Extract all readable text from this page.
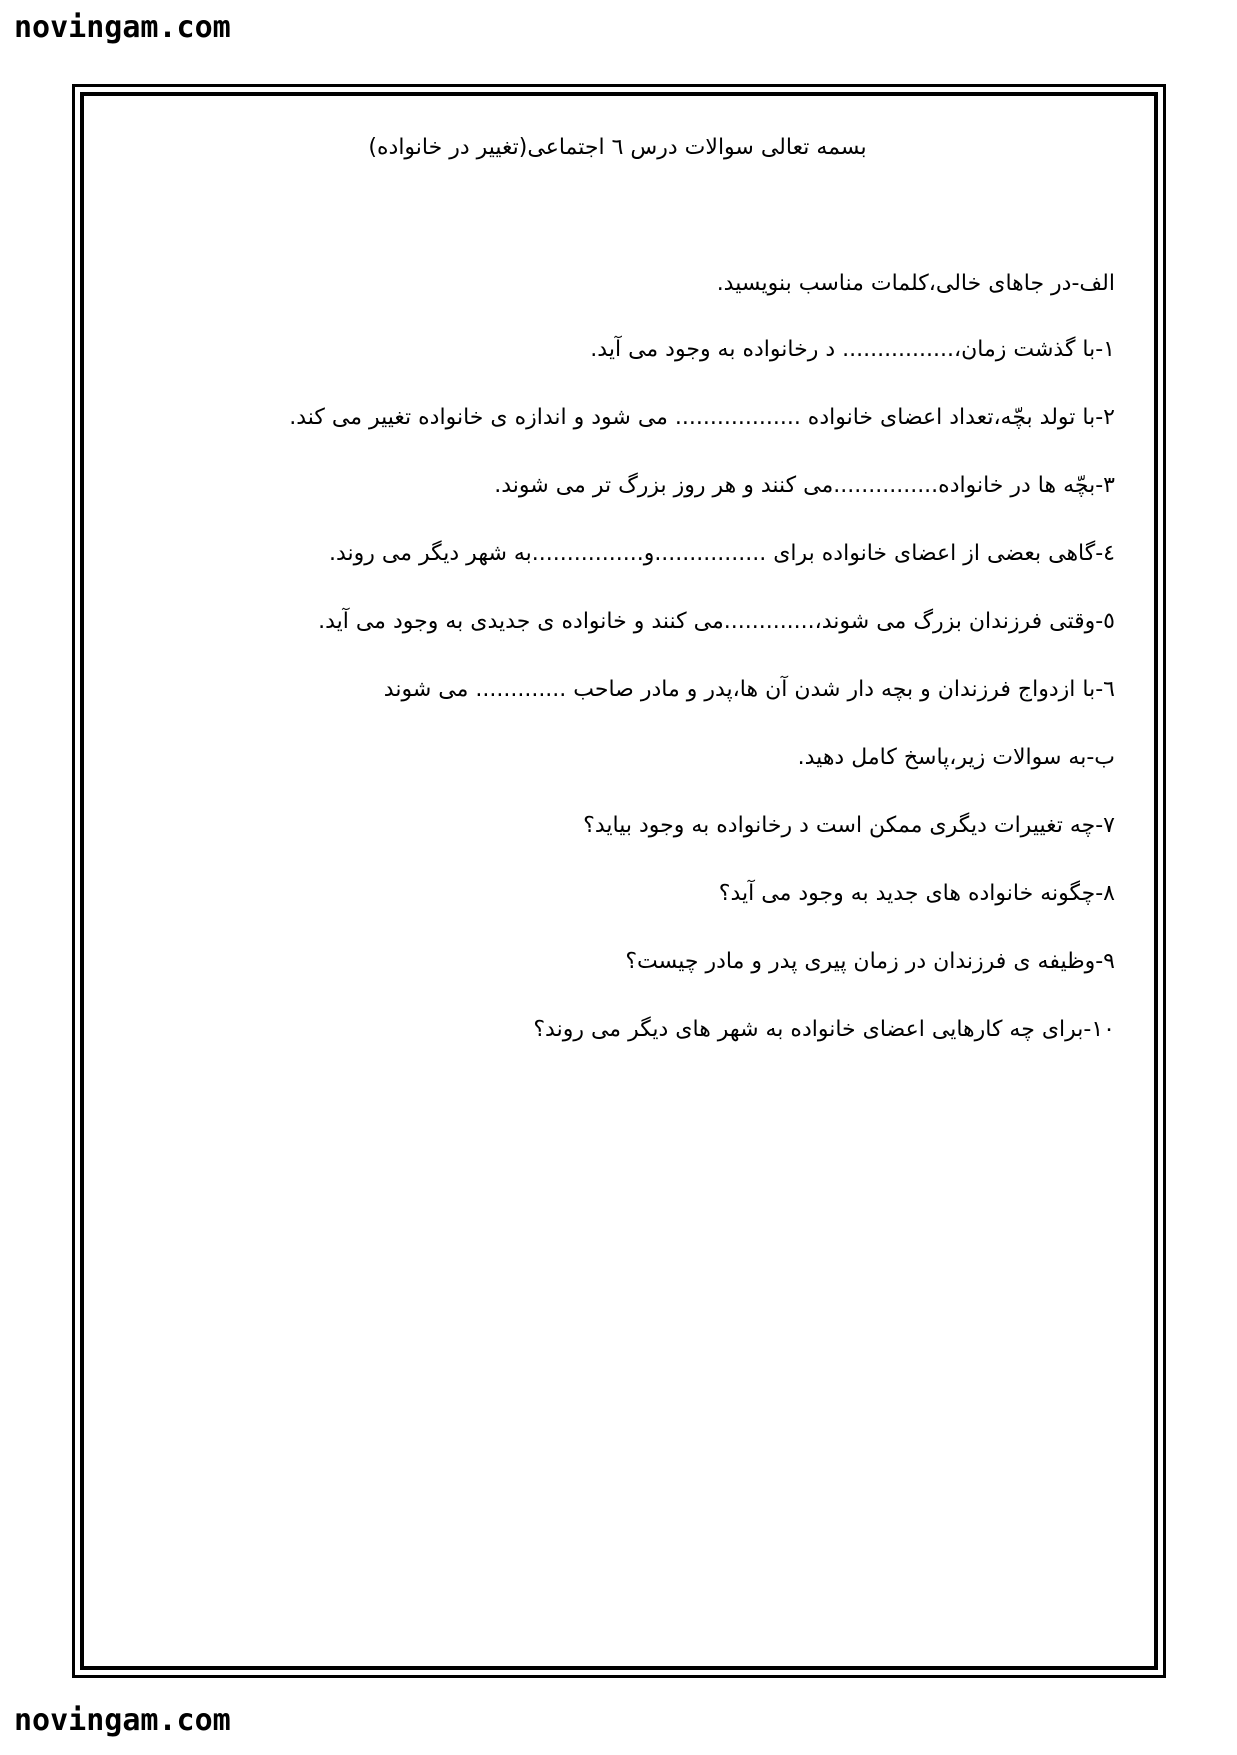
novingam.com

بسمه تعالی سوالات درس ٦ اجتماعی(تغییر در خانواده)

الف-در جاهای خالی،کلمات مناسب بنویسید.

١-با گذشت زمان،................ د رخانواده به وجود می آید.

٢-با تولد بچّه،تعداد اعضای خانواده .................. می شود و اندازه ی خانواده تغییر می کند.

٣-بچّه ها در خانواده...............می کنند و هر روز بزرگ تر می شوند.

٤-گاهی بعضی از اعضای خانواده برای ................و................به شهر دیگر می روند.

٥-وقتی فرزندان بزرگ می شوند،.............می کنند و خانواده ی جدیدی به وجود می آید.

٦-با ازدواج فرزندان و بچه دار شدن آن ها،پدر و مادر صاحب ............. می شوند

ب-به سوالات زیر،پاسخ کامل دهید.

٧-چه تغییرات دیگری ممکن است د رخانواده به وجود بیاید؟

٨-چگونه خانواده های جدید به وجود می آید؟

٩-وظیفه ی فرزندان در زمان پیری پدر و مادر چیست؟

١٠-برای چه کارهایی اعضای خانواده به شهر های دیگر می روند؟

novingam.com
